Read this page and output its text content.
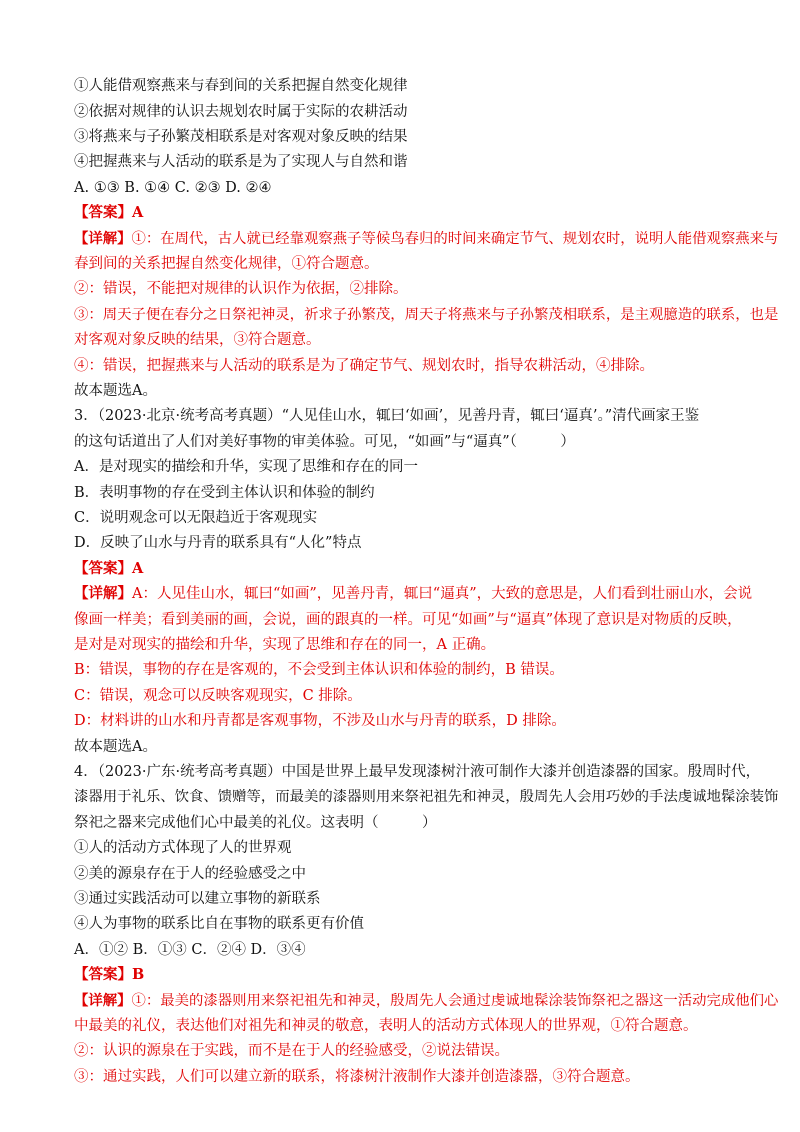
①人能借观察燕来与春到间的关系把握自然变化规律
②依据对规律的认识去规划农时属于实际的农耕活动
③将燕来与子孙繁茂相联系是对客观对象反映的结果
④把握燕来与人活动的联系是为了实现人与自然和谐
A. ①③ B. ①④ C. ②③ D. ②④
【答案】A
【详解】①：在周代，古人就已经靠观察燕子等候鸟春归的时间来确定节气、规划农时，说明人能借观察燕来与
春到间的关系把握自然变化规律，①符合题意。
②：错误，不能把对规律的认识作为依据，②排除。
③：周天子便在春分之日祭祀神灵，祈求子孙繁茂，周天子将燕来与子孙繁茂相联系，是主观臆造的联系，也是
对客观对象反映的结果，③符合题意。
④：错误，把握燕来与人活动的联系是为了确定节气、规划农时，指导农耕活动，④排除。
故本题选A。
3．（2023·北京·统考高考真题）“人见佳山水，辄曰‘如画’，见善丹青，辄曰‘逼真’。”清代画家王鉴
的这句话道出了人们对美好事物的审美体验。可见，“如画”与“逼真”（　　　）
A．是对现实的描绘和升华，实现了思维和存在的同一
B．表明事物的存在受到主体认识和体验的制约
C．说明观念可以无限趋近于客观现实
D．反映了山水与丹青的联系具有“人化”特点
【答案】A
【详解】A：人见佳山水，辄曰“如画”，见善丹青，辄曰“逼真”，大致的意思是，人们看到壮丽山水，会说
像画一样美；看到美丽的画，会说，画的跟真的一样。可见“如画”与“逼真”体现了意识是对物质的反映，
是对是对现实的描绘和升华，实现了思维和存在的同一，A 正确。
B：错误，事物的存在是客观的，不会受到主体认识和体验的制约，B 错误。
C：错误，观念可以反映客观现实，C 排除。
D：材料讲的山水和丹青都是客观事物，不涉及山水与丹青的联系，D 排除。
故本题选A。
4．（2023·广东·统考高考真题）中国是世界上最早发现漆树汁液可制作大漆并创造漆器的国家。殷周时代，
漆器用于礼乐、饮食、馈赠等，而最美的漆器则用来祭祀祖先和神灵，殷周先人会用巧妙的手法虔诚地髹涂装饰
祭祀之器来完成他们心中最美的礼仪。这表明（　　　）
①人的活动方式体现了人的世界观
②美的源泉存在于人的经验感受之中
③通过实践活动可以建立事物的新联系
④人为事物的联系比自在事物的联系更有价值
A．①② B．①③ C．②④ D．③④
【答案】B
【详解】①：最美的漆器则用来祭祀祖先和神灵，殷周先人会通过虔诚地髹涂装饰祭祀之器这一活动完成他们心
中最美的礼仪，表达他们对祖先和神灵的敬意，表明人的活动方式体现人的世界观，①符合题意。
②：认识的源泉在于实践，而不是在于人的经验感受，②说法错误。
③：通过实践，人们可以建立新的联系，将漆树汁液制作大漆并创造漆器，③符合题意。
